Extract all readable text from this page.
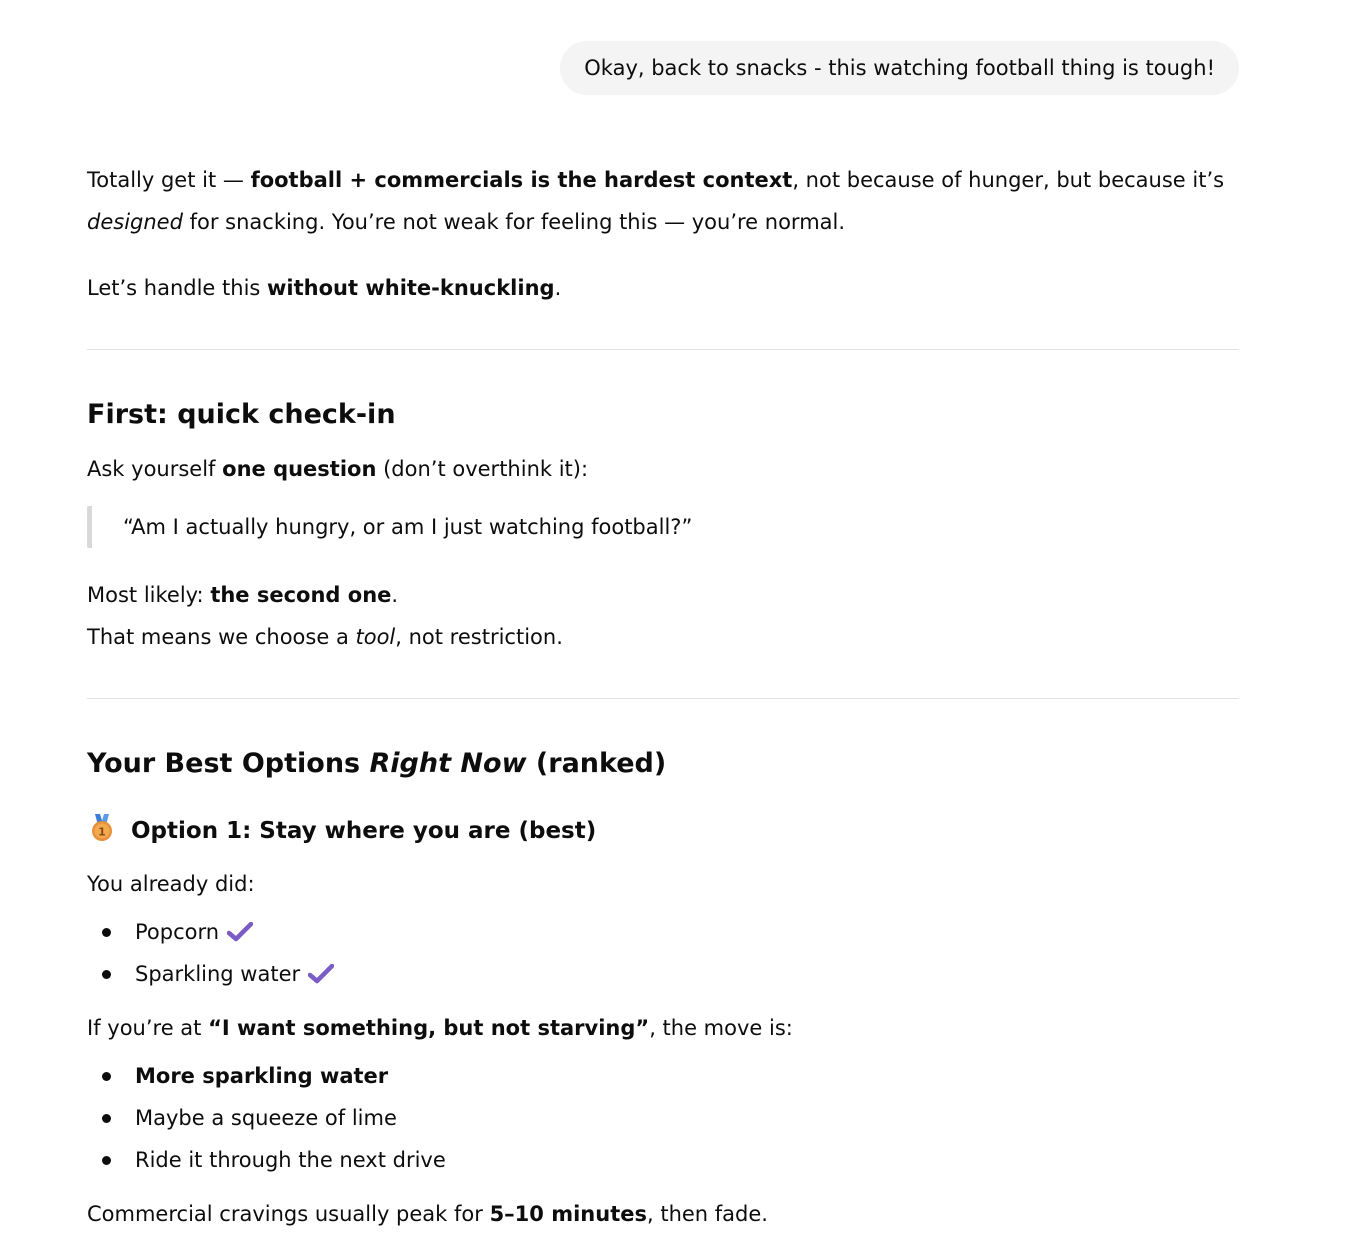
Okay, back to snacks - this watching football thing is tough!

Totally get it — football + commercials is the hardest context, not because of hunger, but because it’s

designed for snacking. You’re not weak for feeling this — you’re normal.

Let’s handle this without white-knuckling.

First: quick check-in

Ask yourself one question (don’t overthink it):

“Am I actually hungry, or am I just watching football?”

Most likely: the second one.

That means we choose a tool, not restriction.

Your Best Options Right Now (ranked)
1 Option 1: Stay where you are (best)

You already did:

Popcorn
Sparkling water

If you’re at “I want something, but not starving”, the move is:

More sparkling water
Maybe a squeeze of lime
Ride it through the next drive

Commercial cravings usually peak for 5–10 minutes, then fade.
